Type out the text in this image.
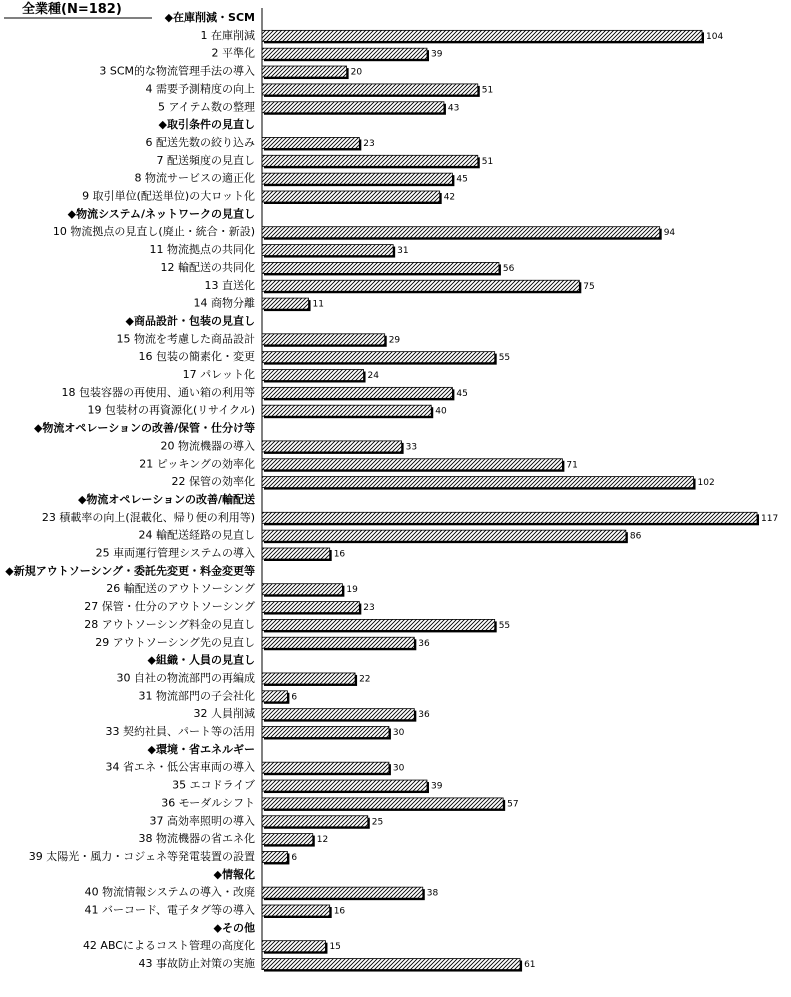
全業種(N=182)
◆在庫削減・SCM
1 在庫削減	104
2 平準化	39
3 SCM的な物流管理手法の導入	20
4 需要予測精度の向上	51
5 アイテム数の整理	43
◆取引条件の見直し
6 配送先数の絞り込み	23
7 配送頻度の見直し	51
8 物流サービスの適正化	45
9 取引単位(配送単位)の大ロット化	42
◆物流システム/ネットワークの見直し
10 物流拠点の見直し(廃止・統合・新設)	94
11 物流拠点の共同化	31
12 輸配送の共同化	56
13 直送化	75
14 商物分離	11
◆商品設計・包装の見直し
15 物流を考慮した商品設計	29
16 包装の簡素化・変更	55
17 パレット化	24
18 包装容器の再使用、通い箱の利用等	45
19 包装材の再資源化(リサイクル)	40
◆物流オペレーションの改善/保管・仕分け等
20 物流機器の導入	33
21 ピッキングの効率化	71
22 保管の効率化	102
◆物流オペレーションの改善/輸配送
23 積載率の向上(混載化、帰り便の利用等)	117
24 輸配送経路の見直し	86
25 車両運行管理システムの導入	16
◆新規アウトソーシング・委託先変更・料金変更等
26 輸配送のアウトソーシング	19
27 保管・仕分のアウトソーシング	23
28 アウトソーシング料金の見直し	55
29 アウトソーシング先の見直し	36
◆組織・人員の見直し
30 自社の物流部門の再編成	22
31 物流部門の子会社化	6
32 人員削減	36
33 契約社員、パート等の活用	30
◆環境・省エネルギー
34 省エネ・低公害車両の導入	30
35 エコドライブ	39
36 モーダルシフト	57
37 高効率照明の導入	25
38 物流機器の省エネ化	12
39 太陽光・風力・コジェネ等発電装置の設置	6
◆情報化
40 物流情報システムの導入・改廃	38
41 バーコード、電子タグ等の導入	16
◆その他
42 ABCによるコスト管理の高度化	15
43 事故防止対策の実施	61
